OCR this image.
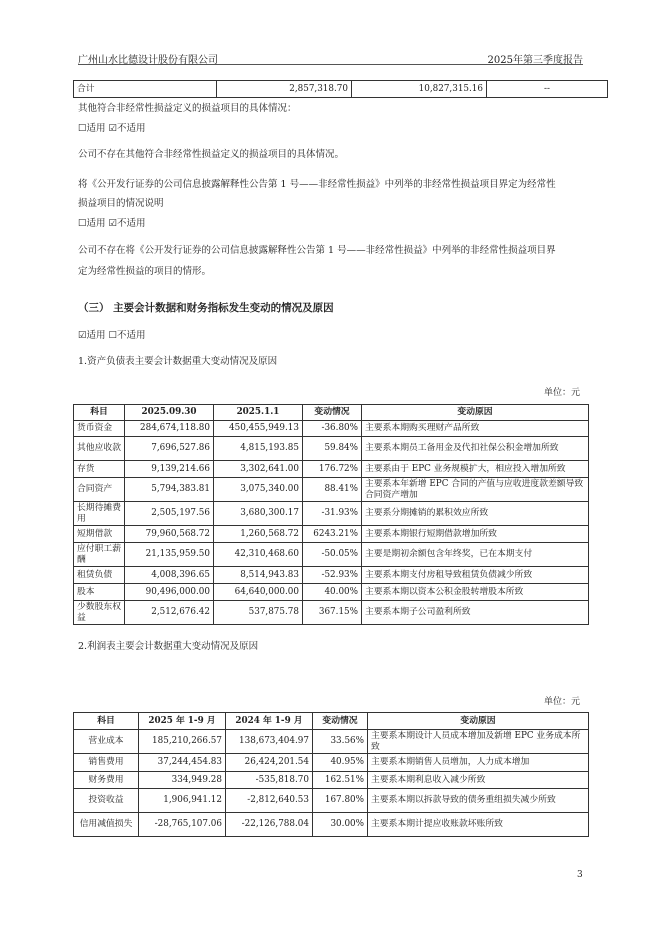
广州山水比德设计股份有限公司	2025年第三季度报告
合计	2,857,318.70	10,827,315.16	--
其他符合非经常性损益定义的损益项目的具体情况：
☐适用 ☑不适用
公司不存在其他符合非经常性损益定义的损益项目的具体情况。
将《公开发行证券的公司信息披露解释性公告第 1 号——非经常性损益》中列举的非经常性损益项目界定为经常性
损益项目的情况说明
☐适用 ☑不适用
公司不存在将《公开发行证券的公司信息披露解释性公告第 1 号——非经常性损益》中列举的非经常性损益项目界
定为经常性损益的项目的情形。
（三） 主要会计数据和财务指标发生变动的情况及原因
☑适用 ☐不适用
1.资产负债表主要会计数据重大变动情况及原因
单位：元
科目	2025.09.30	2025.1.1	变动情况	变动原因
货币资金	284,674,118.80	450,455,949.13	-36.80%	主要系本期购买理财产品所致
其他应收款	7,696,527.86	4,815,193.85	59.84%	主要系本期员工备用金及代扣社保公积金增加所致
存货	9,139,214.66	3,302,641.00	176.72%	主要系由于 EPC 业务规模扩大，相应投入增加所致
合同资产	5,794,383.81	3,075,340.00	88.41%	主要系本年新增 EPC 合同的产值与应收进度款差额导致合同资产增加
长期待摊费用	2,505,197.56	3,680,300.17	-31.93%	主要系分期摊销的累积效应所致
短期借款	79,960,568.72	1,260,568.72	6243.21%	主要系本期银行短期借款增加所致
应付职工薪酬	21,135,959.50	42,310,468.60	-50.05%	主要是期初余额包含年终奖，已在本期支付
租赁负债	4,008,396.65	8,514,943.83	-52.93%	主要系本期支付房租导致租赁负债减少所致
股本	90,496,000.00	64,640,000.00	40.00%	主要系本期以资本公积金股转增股本所致
少数股东权益	2,512,676.42	537,875.78	367.15%	主要系本期子公司盈利所致
2.利润表主要会计数据重大变动情况及原因
单位：元
科目	2025 年 1-9 月	2024 年 1-9 月	变动情况	变动原因
营业成本	185,210,266.57	138,673,404.97	33.56%	主要系本期设计人员成本增加及新增 EPC 业务成本所致
销售费用	37,244,454.83	26,424,201.54	40.95%	主要系本期销售人员增加，人力成本增加
财务费用	334,949.28	-535,818.70	162.51%	主要系本期利息收入减少所致
投资收益	1,906,941.12	-2,812,640.53	167.80%	主要系本期以拆款导致的债务重组损失减少所致
信用减值损失	-28,765,107.06	-22,126,788.04	30.00%	主要系本期计提应收账款坏账所致
3
